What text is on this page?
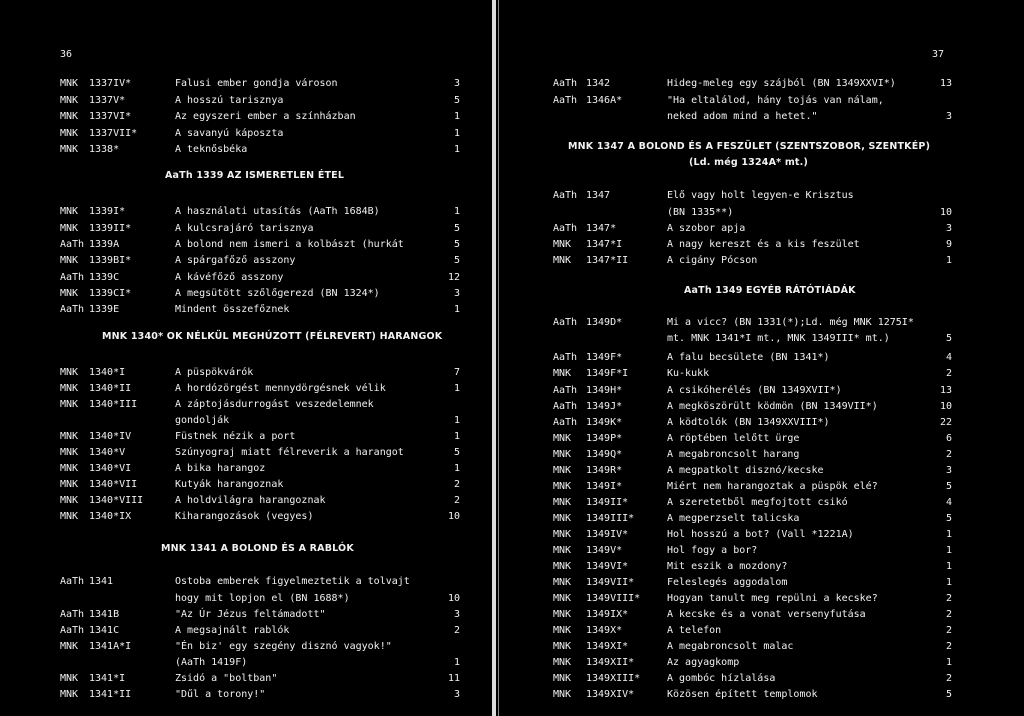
36
MNK 1337IV*	Falusi ember gondja városon	3
MNK 1337V*	A hosszú tarisznya	5
MNK 1337VI*	Az egyszeri ember a színházban	1
MNK 1337VII*	A savanyú káposzta	1
MNK 1338*	A teknősbéka	1
MNK 1339I*	A használati utasítás (AaTh 1684B)	1
MNK 1339II*	A kulcsrajáró tarisznya	5
AaTh 1339A	A bolond nem ismeri a kolbászt (hurkát	5
MNK 1339BI*	A spárgafőző asszony	5
AaTh 1339C	A kávéfőző asszony	12
MNK 1339CI*	A megsütött szőlőgerezd (BN 1324*)	3
AaTh 1339E	Mindent összefőznek	1
MNK 1340*I	A püspökvárók	7
MNK 1340*II	A hordózörgést mennydörgésnek vélik	1
MNK 1340*III	A záptojásdurrogást veszedelemnek
gondolják	1
MNK 1340*IV	Füstnek nézik a port	1
MNK 1340*V	Szúnyograj miatt félreverik a harangot	5
MNK 1340*VI	A bika harangoz	1
MNK 1340*VII	Kutyák harangoznak	2
MNK 1340*VIII	A holdvilágra harangoznak	2
MNK 1340*IX	Kiharangozások (vegyes)	10
AaTh 1341	Ostoba emberek figyelmeztetik a tolvajt
hogy mit lopjon el (BN 1688*)	10
AaTh 1341B	"Az Úr Jézus feltámadott"	3
AaTh 1341C	A megsajnált rablók	2
MNK 1341A*I	"Én biz' egy szegény disznó vagyok!"
(AaTh 1419F)	1
MNK 1341*I	Zsidó a "boltban"	11
MNK 1341*II	"Dűl a torony!"	3
AaTh 1339 AZ ISMERETLEN ÉTEL
MNK 1340* OK NÉLKÜL MEGHÚZOTT (FÉLREVERT) HARANGOK
MNK 1341 A BOLOND ÉS A RABLÓK
37
AaTh 1342	Hideg-meleg egy szájból (BN 1349XXVI*)	13
AaTh 1346A*	"Ha eltalálod, hány tojás van nálam,
neked adom mind a hetet."	3
AaTh 1347	Elő vagy holt legyen-e Krisztus
(BN 1335**)	10
AaTh 1347*	A szobor apja	3
MNK 1347*I	A nagy kereszt és a kis feszület	9
MNK 1347*II	A cigány Pócson	1
AaTh 1349D*	Mi a vicc? (BN 1331(*);Ld. még MNK 1275I*
mt. MNK 1341*I mt., MNK 1349III* mt.)	5
AaTh 1349F*	A falu becsülete (BN 1341*)	4
MNK 1349F*I	Ku-kukk	2
AaTh 1349H*	A csikóherélés (BN 1349XVII*)	13
AaTh 1349J*	A megköszörült ködmön (BN 1349VII*)	10
AaTh 1349K*	A ködtolók (BN 1349XXVIII*)	22
MNK 1349P*	A röptében lelőtt ürge	6
MNK 1349Q*	A megabroncsolt harang	2
MNK 1349R*	A megpatkolt disznó/kecske	3
MNK 1349I*	Miért nem harangoztak a püspök elé?	5
MNK 1349II*	A szeretetből megfojtott csikó	4
MNK 1349III*	A megperzselt talicska	5
MNK 1349IV*	Hol hosszú a bot? (Vall *1221A)	1
MNK 1349V*	Hol fogy a bor?	1
MNK 1349VI*	Mit eszik a mozdony?	1
MNK 1349VII*	Feleslegés aggodalom	1
MNK 1349VIII*	Hogyan tanult meg repülni a kecske?	2
MNK 1349IX*	A kecske és a vonat versenyfutása	2
MNK 1349X*	A telefon	2
MNK 1349XI*	A megabroncsolt malac	2
MNK 1349XII*	Az agyagkomp	1
MNK 1349XIII*	A gombóc hízlalása	2
MNK 1349XIV*	Közösen épített templomok	5
MNK 1347 A BOLOND ÉS A FESZÜLET (SZENTSZOBOR, SZENTKÉP)
(Ld. még 1324A* mt.)
AaTh 1349 EGYÉB RÁTÓTIÁDÁK
